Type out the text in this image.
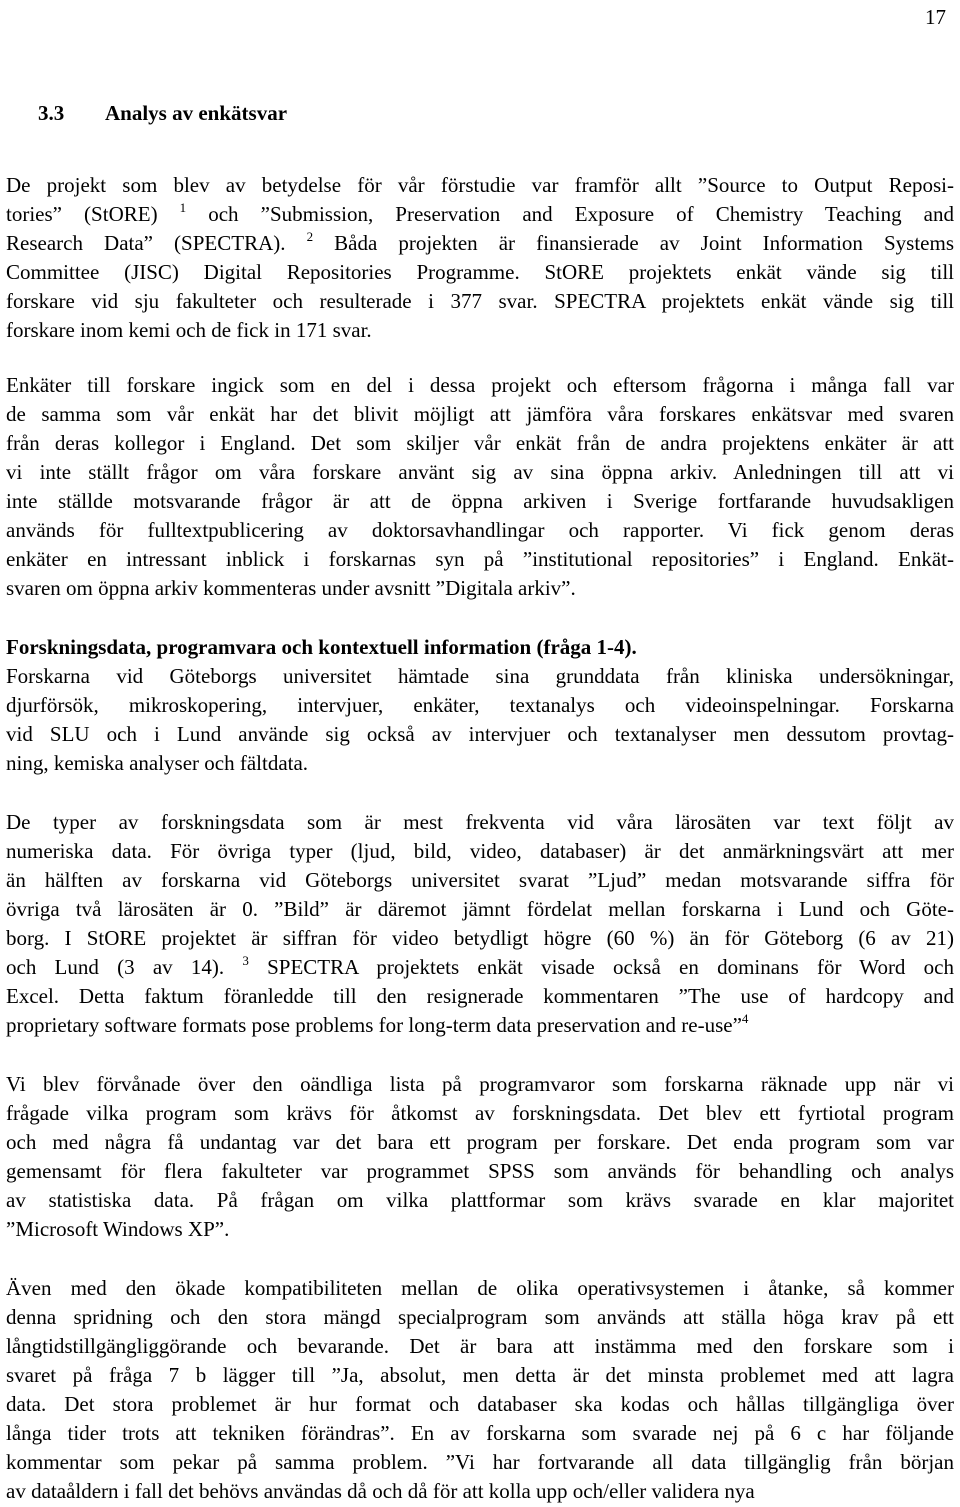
17
3.3 Analys av enkätsvar
De projekt som blev av betydelse för vår förstudie var framför allt ”Source to Output Reposi-
tories” (StORE) $^1$ och ”Submission, Preservation and Exposure of Chemistry Teaching and
Research Data” (SPECTRA). $^2$ Båda projekten är finansierade av Joint Information Systems
Committee (JISC) Digital Repositories Programme. StORE projektets enkät vände sig till
forskare vid sju fakulteter och resulterade i 377 svar. SPECTRA projektets enkät vände sig till
forskare inom kemi och de fick in 171 svar.
Enkäter till forskare ingick som en del i dessa projekt och eftersom frågorna i många fall var
de samma som vår enkät har det blivit möjligt att jämföra våra forskares enkätsvar med svaren
från deras kollegor i England. Det som skiljer vår enkät från de andra projektens enkäter är att
vi inte ställt frågor om våra forskare använt sig av sina öppna arkiv. Anledningen till att vi
inte ställde motsvarande frågor är att de öppna arkiven i Sverige fortfarande huvudsakligen
används för fulltextpublicering av doktorsavhandlingar och rapporter. Vi fick genom deras
enkäter en intressant inblick i forskarnas syn på ”institutional repositories” i England. Enkät-
svaren om öppna arkiv kommenteras under avsnitt ”Digitala arkiv”.
Forskningsdata, programvara och kontextuell information (fråga 1-4).
Forskarna vid Göteborgs universitet hämtade sina grunddata från kliniska undersökningar,
djurförsök, mikroskopering, intervjuer, enkäter, textanalys och videoinspelningar. Forskarna
vid SLU och i Lund använde sig också av intervjuer och textanalyser men dessutom provtag-
ning, kemiska analyser och fältdata.
De typer av forskningsdata som är mest frekventa vid våra lärosäten var text följt av
numeriska data. För övriga typer (ljud, bild, video, databaser) är det anmärkningsvärt att mer
än hälften av forskarna vid Göteborgs universitet svarat ”Ljud” medan motsvarande siffra för
övriga två lärosäten är 0. ”Bild” är däremot jämnt fördelat mellan forskarna i Lund och Göte-
borg. I StORE projektet är siffran för video betydligt högre (60 %) än för Göteborg (6 av 21)
och Lund (3 av 14). $^3$ SPECTRA projektets enkät visade också en dominans för Word och
Excel. Detta faktum föranledde till den resignerade kommentaren ”The use of hardcopy and
proprietary software formats pose problems for long-term data preservation and re-use”$^4$
Vi blev förvånade över den oändliga lista på programvaror som forskarna räknade upp när vi
frågade vilka program som krävs för åtkomst av forskningsdata. Det blev ett fyrtiotal program
och med några få undantag var det bara ett program per forskare. Det enda program som var
gemensamt för flera fakulteter var programmet SPSS som används för behandling och analys
av statistiska data. På frågan om vilka plattformar som krävs svarade en klar majoritet
”Microsoft Windows XP”.
Även med den ökade kompatibiliteten mellan de olika operativsystemen i åtanke, så kommer
denna spridning och den stora mängd specialprogram som används att ställa höga krav på ett
långtidstillgängliggörande och bevarande. Det är bara att instämma med den forskare som i
svaret på fråga 7 b lägger till ”Ja, absolut, men detta är det minsta problemet med att lagra
data. Det stora problemet är hur format och databaser ska kodas och hållas tillgängliga över
långa tider trots att tekniken förändras”. En av forskarna som svarade nej på 6 c har följande
kommentar som pekar på samma problem. ”Vi har fortvarande all data tillgänglig från början
av dataåldern i fall det behövs användas då och då för att kolla upp och/eller validera nya
